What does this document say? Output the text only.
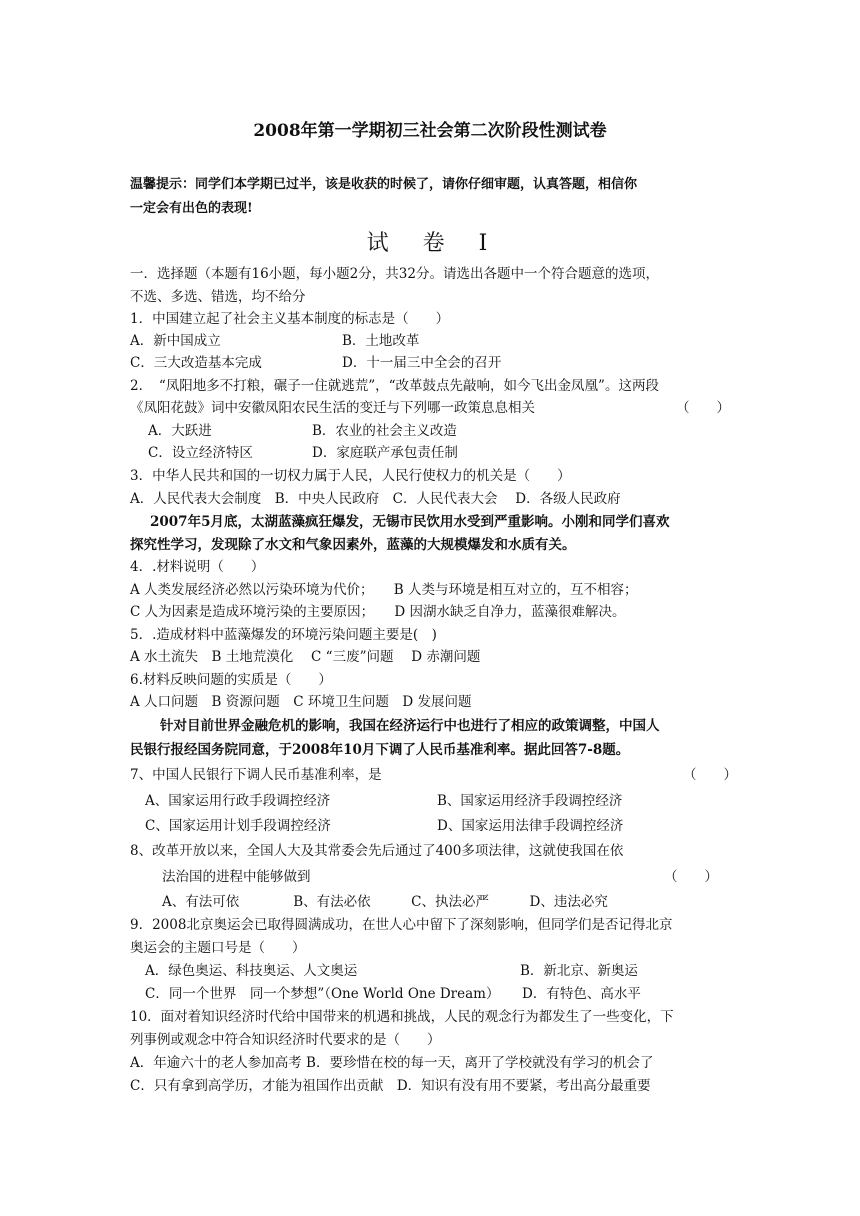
2008年第一学期初三社会第二次阶段性测试卷
温馨提示：同学们本学期已过半，该是收获的时候了，请你仔细审题，认真答题，相信你
一定会有出色的表现!
试　卷　Ⅰ
一．选择题（本题有16小题，每小题2分，共32分。请选出各题中一个符合题意的选项，
不选、多选、错选，均不给分
1．中国建立起了社会主义基本制度的标志是（　　）
A．新中国成立	B．土地改革
C．三大改造基本完成	D．十一届三中全会的召开
2．　“凤阳地多不打粮，碾子一住就逃荒”，“改革鼓点先敲响，如今飞出金凤凰”。这两段
《凤阳花鼓》词中安徽凤阳农民生活的变迁与下列哪一政策息息相关	（　　）
A．大跃进	B．农业的社会主义改造
C．设立经济特区	D．家庭联产承包责任制
3．中华人民共和国的一切权力属于人民，人民行使权力的机关是（　　）
A．人民代表大会制度　B．中央人民政府　C．人民代表大会　 D．各级人民政府
2007年5月底，太湖蓝藻疯狂爆发，无锡市民饮用水受到严重影响。小刚和同学们喜欢
探究性学习，发现除了水文和气象因素外，蓝藻的大规模爆发和水质有关。
4．.材料说明（　　）
A 人类发展经济必然以污染环境为代价；　　B 人类与环境是相互对立的，互不相容；
C 人为因素是造成环境污染的主要原因；　　D 因湖水缺乏自净力，蓝藻很难解决。
5．.造成材料中蓝藻爆发的环境污染问题主要是(　)
A 水土流失　B 土地荒漠化　 C “三废”问题　 D 赤潮问题
6.材料反映问题的实质是（　　）
A 人口问题　B 资源问题　C 环境卫生问题　D 发展问题
针对目前世界金融危机的影响，我国在经济运行中也进行了相应的政策调整，中国人
民银行报经国务院同意，于2008年10月下调了人民币基准利率。据此回答7-8题。
7、中国人民银行下调人民币基准利率，是	（　　）
A、国家运用行政手段调控经济	B、国家运用经济手段调控经济
C、国家运用计划手段调控经济	D、国家运用法律手段调控经济
8、改革开放以来，全国人大及其常委会先后通过了400多项法律，这就使我国在依
法治国的进程中能够做到	（　　）
A、有法可依　　　　B、有法必依　　　C、执法必严　　　D、违法必究
9．2008北京奥运会已取得圆满成功，在世人心中留下了深刻影响，但同学们是否记得北京
奥运会的主题口号是（　　）
A．绿色奥运、科技奥运、人文奥运	B．新北京、新奥运
C．同一个世界　同一个梦想”（One World One Dream） D．有特色、高水平
10．面对着知识经济时代给中国带来的机遇和挑战，人民的观念行为都发生了一些变化，下
列事例或观念中符合知识经济时代要求的是（　　）
A．年逾六十的老人参加高考 B．要珍惜在校的每一天，离开了学校就没有学习的机会了
C．只有拿到高学历，才能为祖国作出贡献　D．知识有没有用不要紧，考出高分最重要
